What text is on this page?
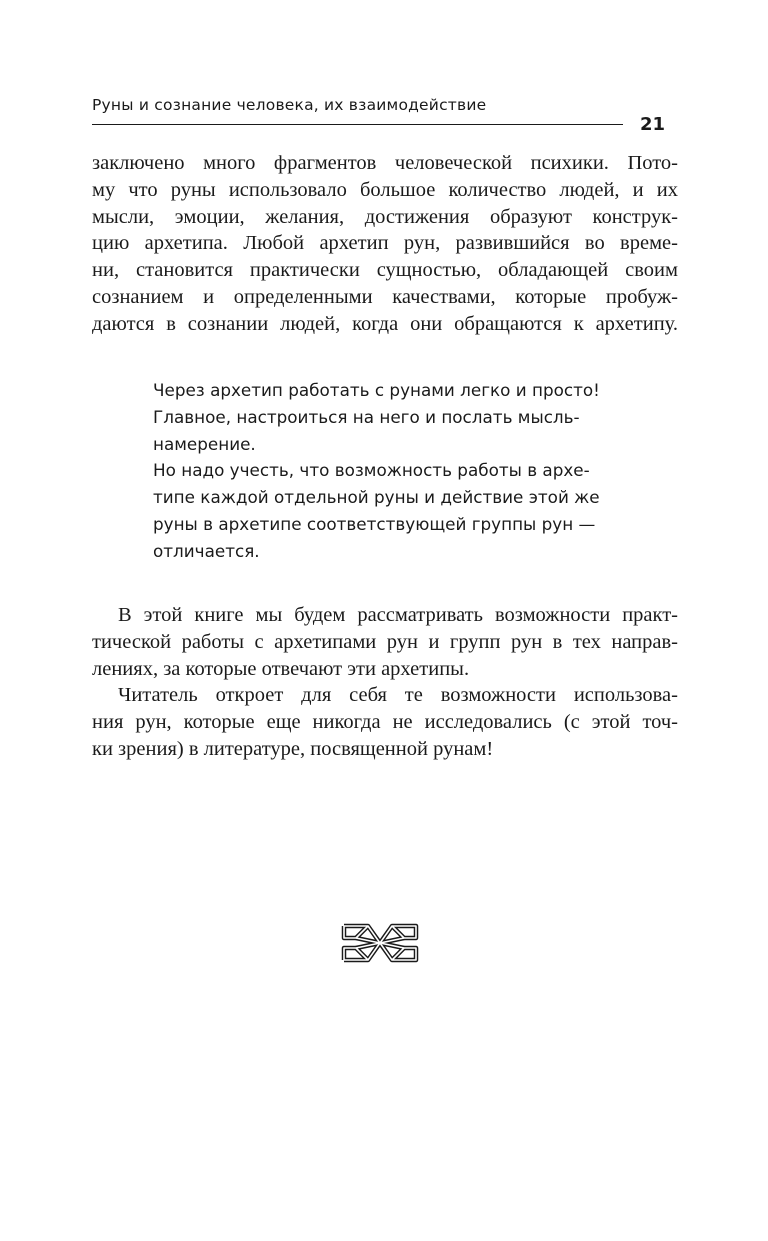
Руны и сознание человека, их взаимодействие
21
заключено много фрагментов человеческой психики. Пото-
му что руны использовало большое количество людей, и их
мысли, эмоции, желания, достижения образуют конструк-
цию архетипа. Любой архетип рун, развившийся во време-
ни, становится практически сущностью, обладающей своим
сознанием и определенными качествами, которые пробуж-
даются в сознании людей, когда они обращаются к архетипу.
Через архетип работать с рунами легко и просто!
Главное, настроиться на него и послать мысль-
намерение.
Но надо учесть, что возможность работы в архе-
типе каждой отдельной руны и действие этой же
руны в архетипе соответствующей группы рун —
отличается.
В этой книге мы будем рассматривать возможности практ-
тической работы с архетипами рун и групп рун в тех направ-
лениях, за которые отвечают эти архетипы.
Читатель откроет для себя те возможности использова-
ния рун, которые еще никогда не исследовались (с этой точ-
ки зрения) в литературе, посвященной рунам!
